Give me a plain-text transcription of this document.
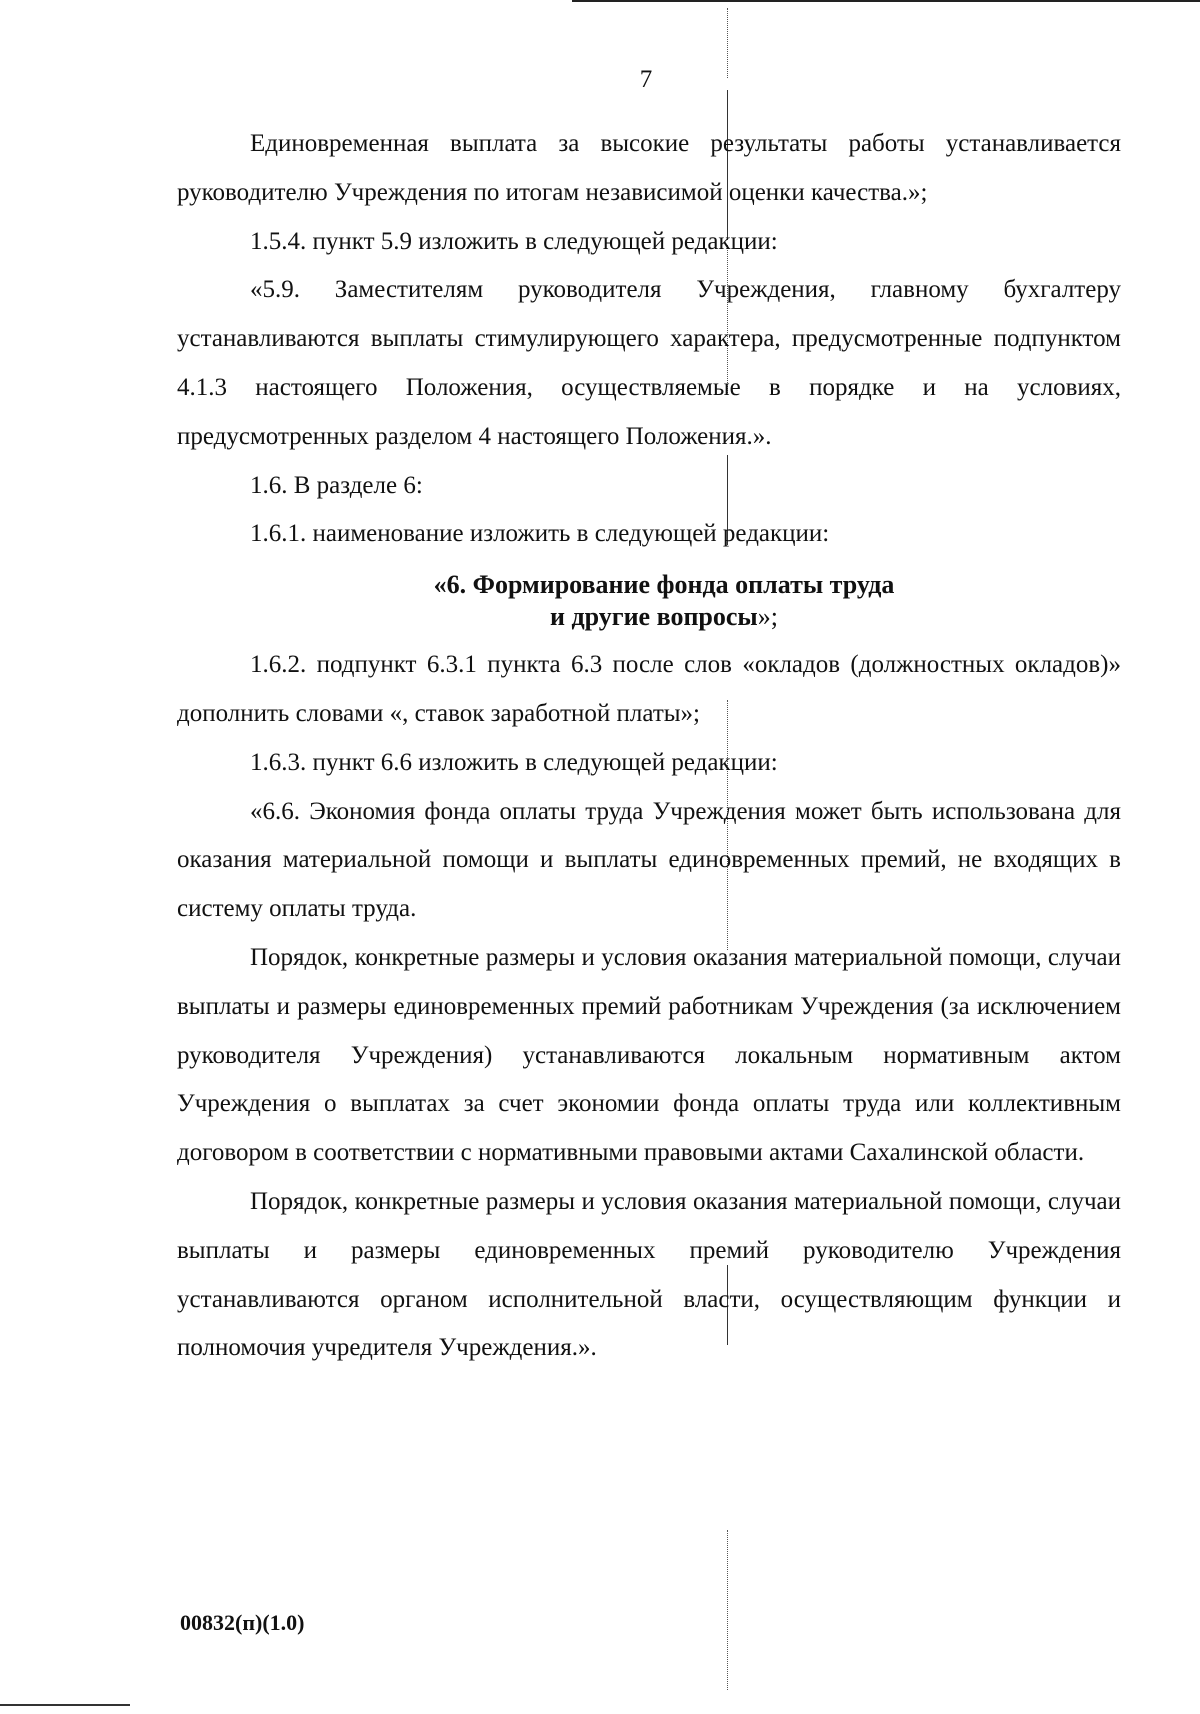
7

Единовременная выплата за высокие результаты работы устанавливается руководителю Учреждения по итогам независимой оценки качества.»;

1.5.4. пункт 5.9 изложить в следующей редакции:

«5.9. Заместителям руководителя Учреждения, главному бухгалтеру устанавливаются выплаты стимулирующего характера, предусмотренные подпунктом 4.1.3 настоящего Положения, осуществляемые в порядке и на условиях, предусмотренных разделом 4 настоящего Положения.».

1.6. В разделе 6:

1.6.1. наименование изложить в следующей редакции:

«6. Формирование фонда оплаты труда
и другие вопросы»;

1.6.2. подпункт 6.3.1 пункта 6.3 после слов «окладов (должностных окладов)» дополнить словами «, ставок заработной платы»;

1.6.3. пункт 6.6 изложить в следующей редакции:

«6.6. Экономия фонда оплаты труда Учреждения может быть использована для оказания материальной помощи и выплаты единовременных премий, не входящих в систему оплаты труда.

Порядок, конкретные размеры и условия оказания материальной помощи, случаи выплаты и размеры единовременных премий работникам Учреждения (за исключением руководителя Учреждения) устанавливаются локальным нормативным актом Учреждения о выплатах за счет экономии фонда оплаты труда или коллективным договором в соответствии с нормативными правовыми актами Сахалинской области.

Порядок, конкретные размеры и условия оказания материальной помощи, случаи выплаты и размеры единовременных премий руководителю Учреждения устанавливаются органом исполнительной власти, осуществляющим функции и полномочия учредителя Учреждения.».

00832(п)(1.0)
